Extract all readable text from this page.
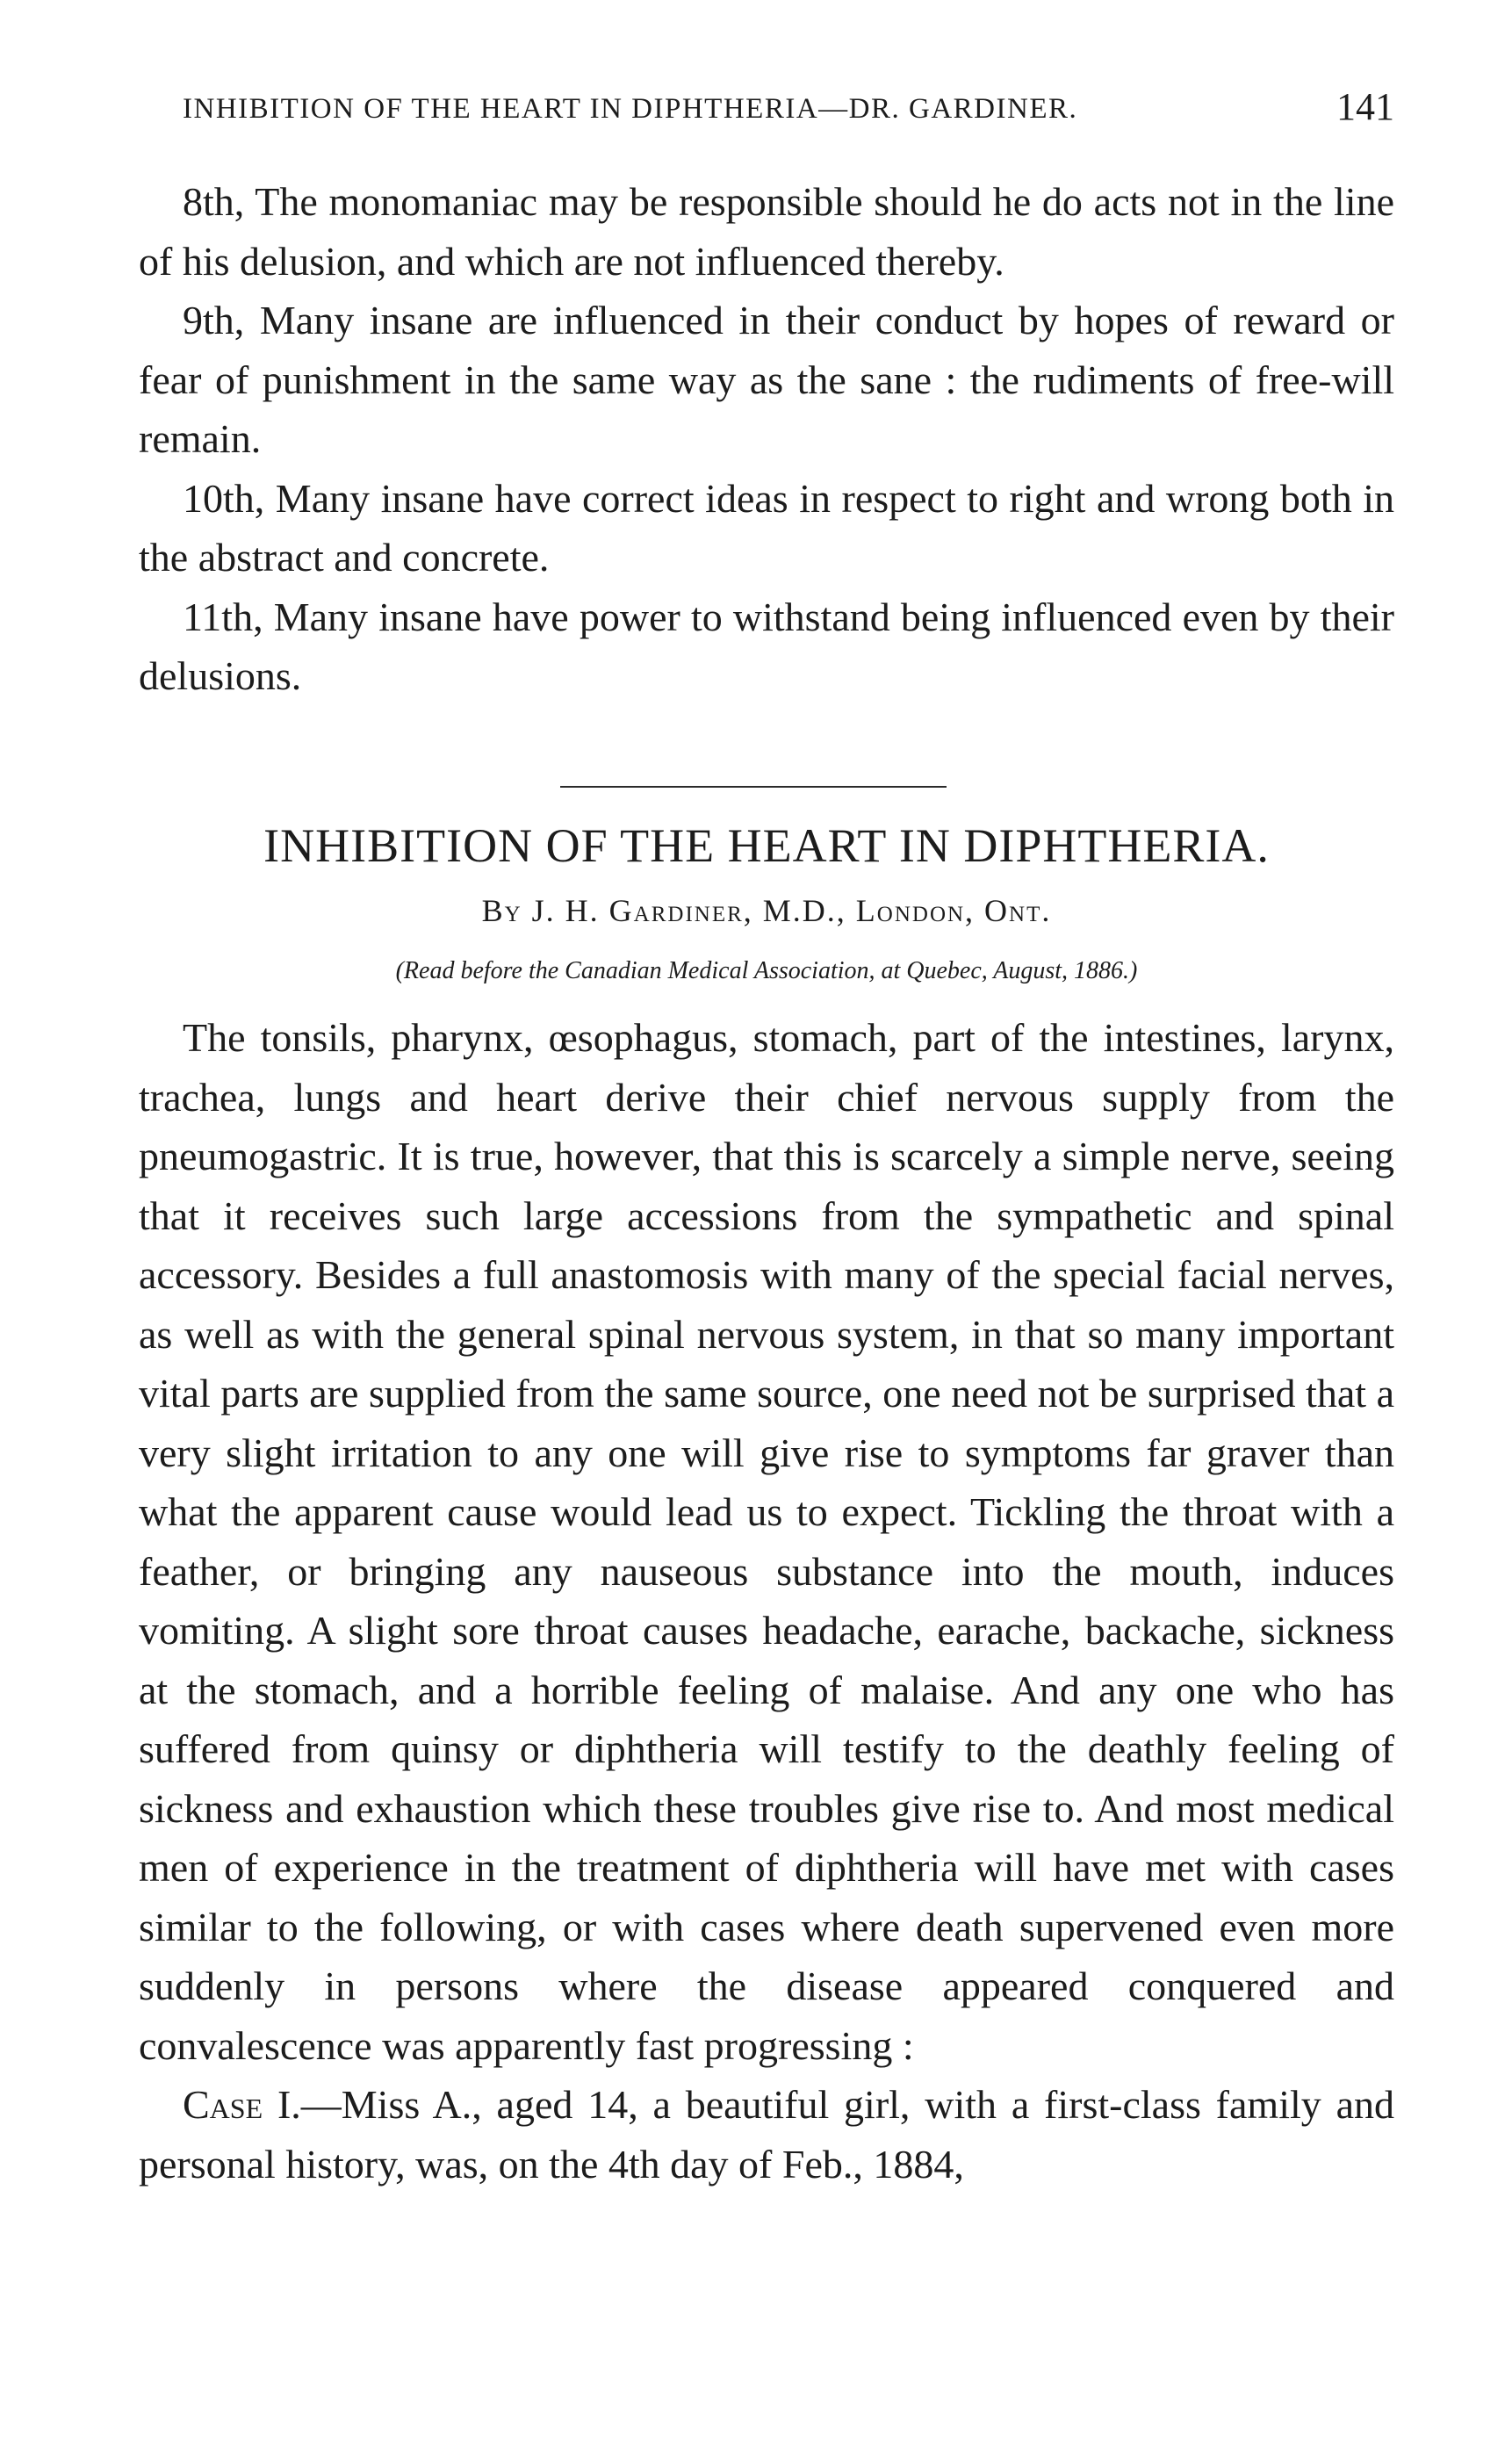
INHIBITION OF THE HEART IN DIPHTHERIA—DR. GARDINER.	141

8th, The monomaniac may be responsible should he do acts not in the line of his delusion, and which are not influenced thereby.

9th, Many insane are influenced in their conduct by hopes of reward or fear of punishment in the same way as the sane : the rudiments of free-will remain.

10th, Many insane have correct ideas in respect to right and wrong both in the abstract and concrete.

11th, Many insane have power to withstand being influenced even by their delusions.

INHIBITION OF THE HEART IN DIPHTHERIA.
By J. H. Gardiner, M.D., London, Ont.
(Read before the Canadian Medical Association, at Quebec, August, 1886.)

The tonsils, pharynx, œsophagus, stomach, part of the intestines, larynx, trachea, lungs and heart derive their chief nervous supply from the pneumogastric. It is true, however, that this is scarcely a simple nerve, seeing that it receives such large accessions from the sympathetic and spinal accessory. Besides a full anastomosis with many of the special facial nerves, as well as with the general spinal nervous system, in that so many important vital parts are supplied from the same source, one need not be surprised that a very slight irritation to any one will give rise to symptoms far graver than what the apparent cause would lead us to expect. Tickling the throat with a feather, or bringing any nauseous substance into the mouth, induces vomiting. A slight sore throat causes headache, earache, backache, sickness at the stomach, and a horrible feeling of malaise. And any one who has suffered from quinsy or diphtheria will testify to the deathly feeling of sickness and exhaustion which these troubles give rise to. And most medical men of experience in the treatment of diphtheria will have met with cases similar to the following, or with cases where death supervened even more suddenly in persons where the disease appeared conquered and convalescence was apparently fast progressing :

Case I.—Miss A., aged 14, a beautiful girl, with a first-class family and personal history, was, on the 4th day of Feb., 1884,
